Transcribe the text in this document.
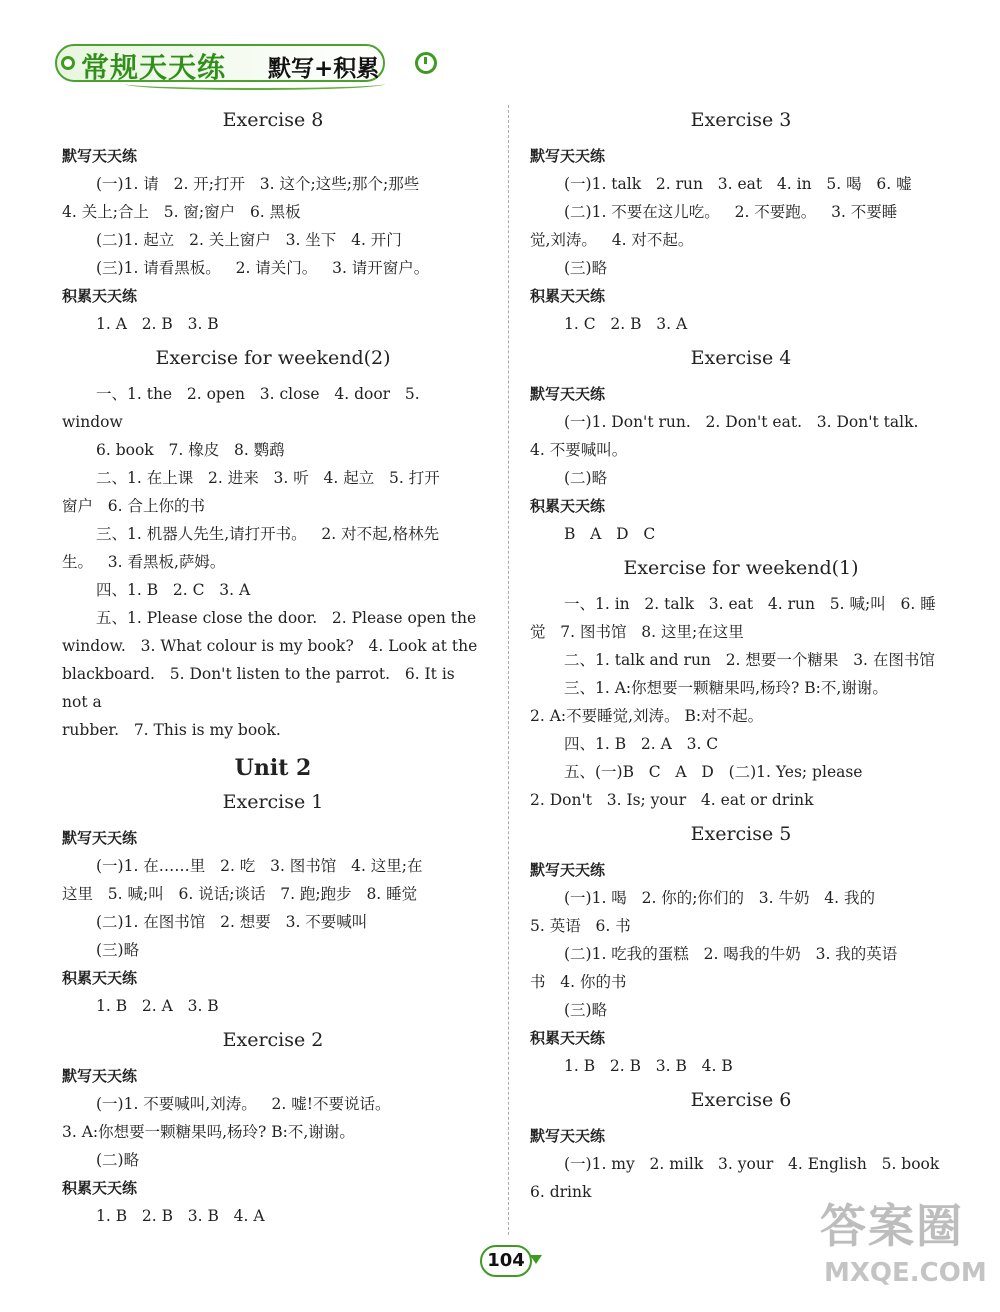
常规天天练 默写+积累
Exercise 8
默写天天练
(一)1. 请   2. 开;打开   3. 这个;这些;那个;那些
4. 关上;合上   5. 窗;窗户   6. 黑板
(二)1. 起立   2. 关上窗户   3. 坐下   4. 开门
(三)1. 请看黑板。   2. 请关门。   3. 请开窗户。
积累天天练
1. A   2. B   3. B
Exercise for weekend(2)
一、1. the   2. open   3. close   4. door   5. window
6. book   7. 橡皮   8. 鹦鹉
二、1. 在上课   2. 进来   3. 听   4. 起立   5. 打开
窗户   6. 合上你的书
三、1. 机器人先生,请打开书。   2. 对不起,格林先
生。   3. 看黑板,萨姆。
四、1. B   2. C   3. A
五、1. Please close the door.   2. Please open the
window.   3. What colour is my book?   4. Look at the
blackboard.   5. Don't listen to the parrot.   6. It is not a
rubber.   7. This is my book.
Unit 2
Exercise 1
默写天天练
(一)1. 在……里   2. 吃   3. 图书馆   4. 这里;在
这里   5. 喊;叫   6. 说话;谈话   7. 跑;跑步   8. 睡觉
(二)1. 在图书馆   2. 想要   3. 不要喊叫
(三)略
积累天天练
1. B   2. A   3. B
Exercise 2
默写天天练
(一)1. 不要喊叫,刘涛。   2. 嘘!不要说话。
3. A:你想要一颗糖果吗,杨玲? B:不,谢谢。
(二)略
积累天天练
1. B   2. B   3. B   4. A
Exercise 3
默写天天练
(一)1. talk   2. run   3. eat   4. in   5. 喝   6. 嘘
(二)1. 不要在这儿吃。   2. 不要跑。   3. 不要睡
觉,刘涛。   4. 对不起。
(三)略
积累天天练
1. C   2. B   3. A
Exercise 4
默写天天练
(一)1. Don't run.   2. Don't eat.   3. Don't talk.
4. 不要喊叫。
(二)略
积累天天练
B   A   D   C
Exercise for weekend(1)
一、1. in   2. talk   3. eat   4. run   5. 喊;叫   6. 睡
觉   7. 图书馆   8. 这里;在这里
二、1. talk and run   2. 想要一个糖果   3. 在图书馆
三、1. A:你想要一颗糖果吗,杨玲? B:不,谢谢。
2. A:不要睡觉,刘涛。 B:对不起。
四、1. B   2. A   3. C
五、(一)B   C   A   D   (二)1. Yes; please
2. Don't   3. Is; your   4. eat or drink
Exercise 5
默写天天练
(一)1. 喝   2. 你的;你们的   3. 牛奶   4. 我的
5. 英语   6. 书
(二)1. 吃我的蛋糕   2. 喝我的牛奶   3. 我的英语
书   4. 你的书
(三)略
积累天天练
1. B   2. B   3. B   4. B
Exercise 6
默写天天练
(一)1. my   2. milk   3. your   4. English   5. book
6. drink
104
答案圈
MXQE.COM
